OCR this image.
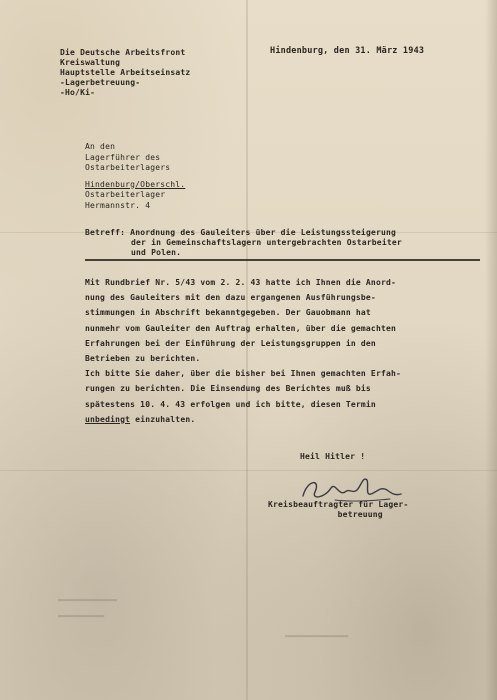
Die Deutsche Arbeitsfront
Kreiswaltung
Hauptstelle Arbeitseinsatz
-Lagerbetreuung-
-Ho/Ki-
Hindenburg, den 31. März 1943
An den
Lagerführer des
Ostarbeiterlagers
Hindenburg/Oberschl.
Ostarbeiterlager
Hermannstr. 4
Betreff: Anordnung des Gauleiters über die Leistungssteigerung
der in Gemeinschaftslagern untergebrachten Ostarbeiter
und Polen.
Mit Rundbrief Nr. 5/43 vom 2. 2. 43 hatte ich Ihnen die Anord-
nung des Gauleiters mit den dazu ergangenen Ausführungsbe-
stimmungen in Abschrift bekanntgegeben. Der Gauobmann hat
nunmehr vom Gauleiter den Auftrag erhalten, über die gemachten
Erfahrungen bei der Einführung der Leistungsgruppen in den
Betrieben zu berichten.
Ich bitte Sie daher, über die bisher bei Ihnen gemachten Erfah-
rungen zu berichten. Die Einsendung des Berichtes muß bis
spätestens 10. 4. 43 erfolgen und ich bitte, diesen Termin
unbedingt einzuhalten.
Heil Hitler !
Kreisbeauftragter für Lager-
betreuung
▬▬▬▬▬▬▬▬▬▬▬▬▬▬
▬▬▬▬▬▬▬▬▬▬▬
▬▬▬▬▬▬▬▬▬▬▬▬▬▬▬
